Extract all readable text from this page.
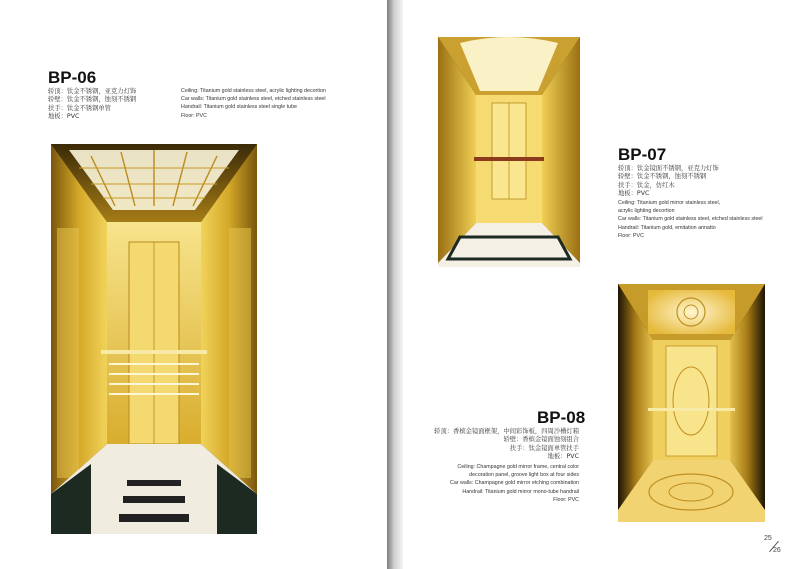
BP-06
轿顶：钛金不锈钢，亚克力灯饰
轿壁：钛金不锈钢，蚀刻不锈钢
扶手：钛金不锈钢单管
地板：PVC
Ceiling: Titanium gold stainless steel, acrylic lighting decortion
Car walls: Titanium gold stainless steel, etched stainless steel
Handrail: Titanium gold stainless steel single tube
Floor: PVC
BP-07
轿顶：钛金镜面不锈钢，亚克力灯饰
轿壁：钛金不锈钢，蚀刻不锈钢
扶手：钛金，仿红木
地板：PVC
Ceiling: Titanium gold mirror stainless steel,
acrylic lighting decortion
Car walls: Titanium gold stainless steel, etched stainless steel
Handrail: Titanium gold, emitation annatto
Floor: PVC
BP-08
轿顶：香槟金镜面框架，中间彩饰板，四周沙槽灯箱
轿壁：香槟金镜面蚀刻组合
扶手：钛金镜面单管扶手
地板：PVC
Ceiling: Champagne gold mirror frame, central color
decoration panel, groove light box at four sides
Car walls: Champagne gold mirror etching combination
Handrail: Titanium gold mirror mono-tube handrail
Floor: PVC
25
26
